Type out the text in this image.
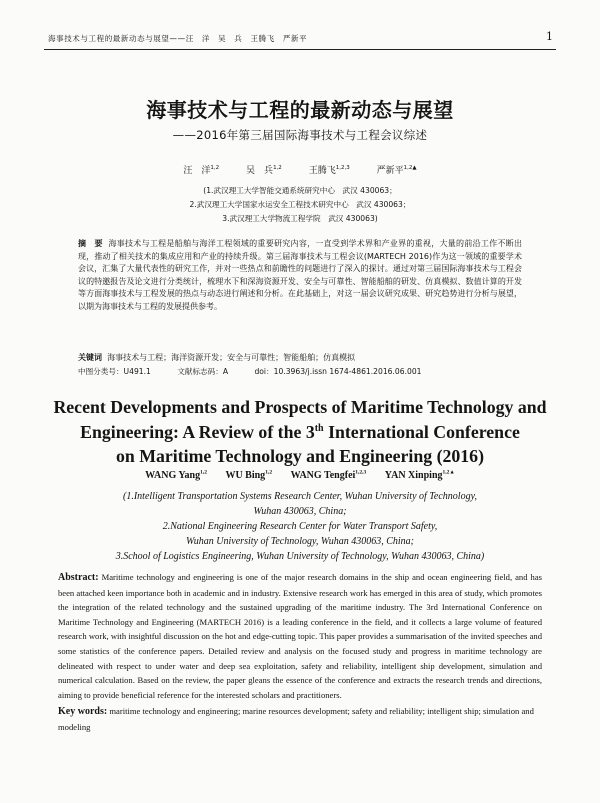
海事技术与工程的最新动态与展望——汪　洋　吴　兵　王腾飞　严新平	1
海事技术与工程的最新动态与展望
——2016年第三届国际海事技术与工程会议综述
汪　洋$^{1,2}$	吴　兵$^{1,2}$	王腾飞$^{1,2,3}$	严新平$^{1,2▲}$
(1.武汉理工大学智能交通系统研究中心　武汉 430063；
2.武汉理工大学国家水运安全工程技术研究中心　武汉 430063；
3.武汉理工大学物流工程学院　武汉 430063)
摘　要 海事技术与工程是船舶与海洋工程领域的重要研究内容，一直受到学术界和产业界的重视，大量的前沿工作不断出现，推动了相关技术的集成应用和产业的持续升级。第三届海事技术与工程会议(MARTECH 2016)作为这一领域的重要学术会议，汇集了大量代表性的研究工作，并对一些热点和前瞻性的问题进行了深入的探讨。通过对第三届国际海事技术与工程会议的特邀报告及论文进行分类统计，梳理水下和深海资源开发、安全与可靠性、智能船舶的研发、仿真模拟、数值计算的开发等方面海事技术与工程发展的热点与动态进行阐述和分析。在此基础上，对这一届会议研究成果、研究趋势进行分析与展望，以期为海事技术与工程的发展提供参考。
关键词 海事技术与工程；海洋资源开发；安全与可靠性；智能船舶；仿真模拟
中图分类号：U491.1	文献标志码：A	doi：10.3963/j.issn 1674-4861.2016.06.001
Recent Developments and Prospects of Maritime Technology and
Engineering: A Review of the 3th International Conference
on Maritime Technology and Engineering (2016)
WANG Yang$^{1,2}$ WU Bing$^{1,2}$ WANG Tengfei$^{1,2,3}$ YAN Xinping$^{1,2▲}$
(1.Intelligent Transportation Systems Research Center, Wuhan University of Technology,
Wuhan 430063, China;
2.National Engineering Research Center for Water Transport Safety,
Abstract: Maritime technology and engineering is one of the major research domains in the ship and ocean engineering field, and has been attached keen importance both in academic and in industry. Extensive research work has emerged in this area of study, which promotes the integration of the related technology and the sustained upgrading of the maritime industry. The 3rd International Conference on Maritime Technology and Engineering (MARTECH 2016) is a leading conference in the field, and it collects a large volume of featured research work, with insightful discussion on the hot and edge-cutting topic. This paper provides a summarisation of the invited speeches and some statistics of the conference papers. Detailed review and analysis on the focused study and progress in maritime technology are delineated with respect to under water and deep sea exploitation, safety and reliability, intelligent ship development, simulation and numerical calculation. Based on the review, the paper gleans the essence of the conference and extracts the research trends and directions, aiming to provide beneficial reference for the interested scholars and practitioners.
Key words: maritime technology and engineering; marine resources development; safety and reliability; intelligent ship; simulation and modeling
Wuhan University of Technology, Wuhan 430063, China;
3.School of Logistics Engineering, Wuhan University of Technology, Wuhan 430063, China)
